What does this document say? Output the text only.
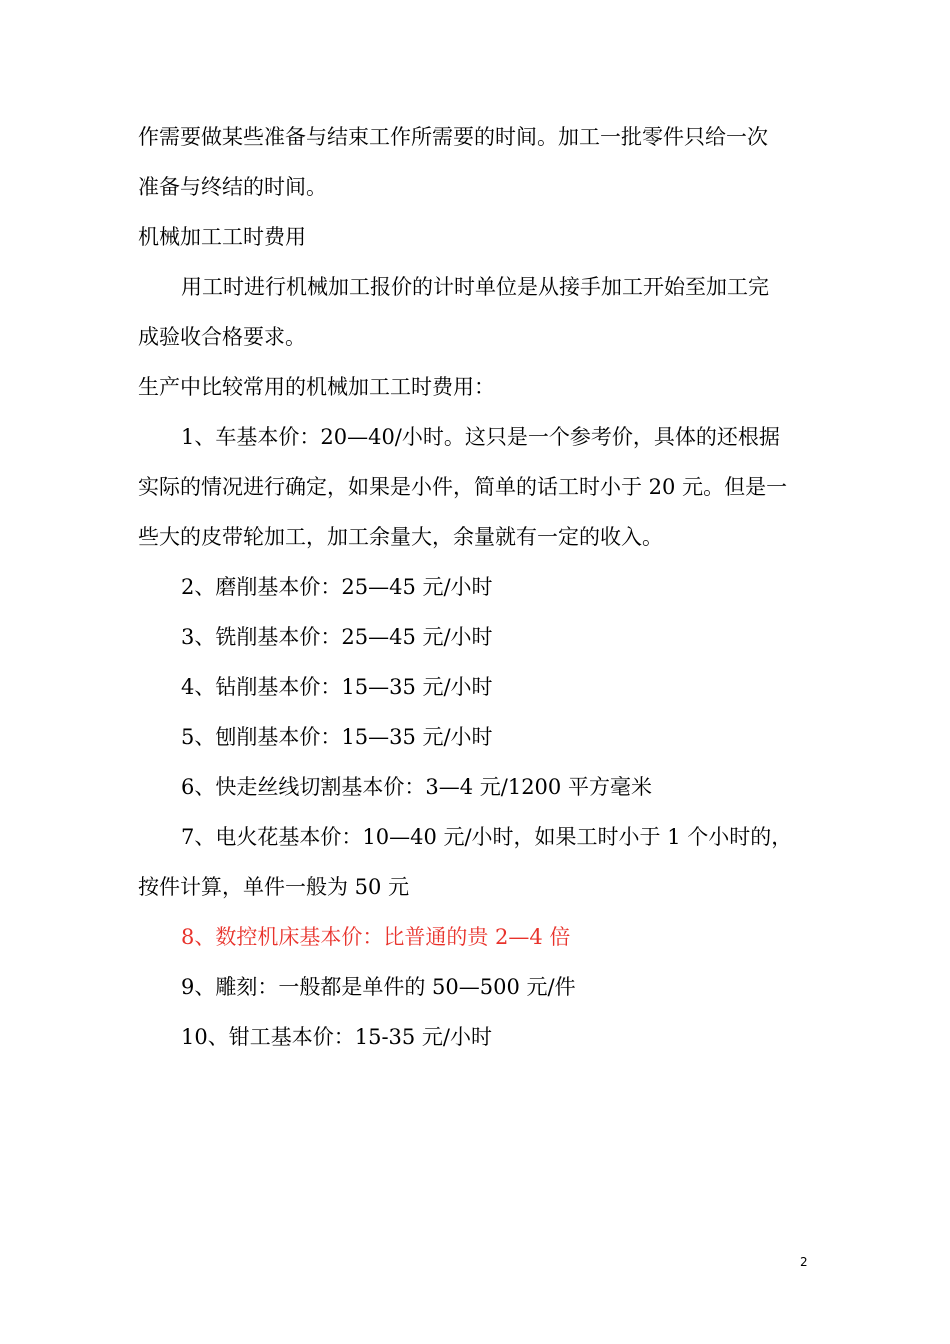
作需要做某些准备与结束工作所需要的时间。加工一批零件只给一次
准备与终结的时间。
机械加工工时费用
用工时进行机械加工报价的计时单位是从接手加工开始至加工完
成验收合格要求。
生产中比较常用的机械加工工时费用：
1、车基本价：20—40/小时。这只是一个参考价，具体的还根据
实际的情况进行确定，如果是小件，简单的话工时小于 20 元。但是一
些大的皮带轮加工，加工余量大，余量就有一定的收入。
2、磨削基本价：25—45 元/小时
3、铣削基本价：25—45 元/小时
4、钻削基本价：15—35 元/小时
5、刨削基本价：15—35 元/小时
6、快走丝线切割基本价：3—4 元/1200 平方毫米
7、电火花基本价：10—40 元/小时，如果工时小于 1 个小时的，
按件计算，单件一般为 50 元
8、数控机床基本价：比普通的贵 2—4 倍
9、雕刻：一般都是单件的 50—500 元/件
10、钳工基本价：15-35 元/小时
2
